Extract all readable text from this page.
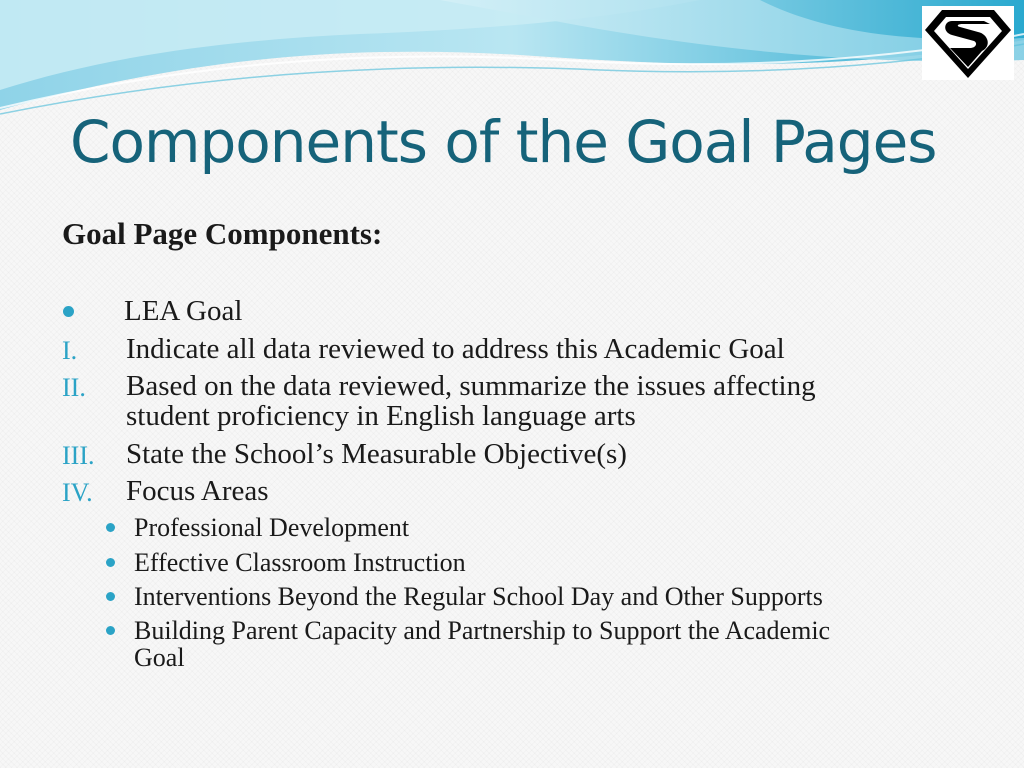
Components of the Goal Pages
Goal Page Components:
LEA Goal
I. Indicate all data reviewed to address this Academic Goal
II. Based on the data reviewed, summarize the issues affecting
student proficiency in English language arts
III. State the School’s Measurable Objective(s)
IV. Focus Areas
Professional Development
Effective Classroom Instruction
Interventions Beyond the Regular School Day and Other Supports
Building Parent Capacity and Partnership to Support the Academic
Goal
